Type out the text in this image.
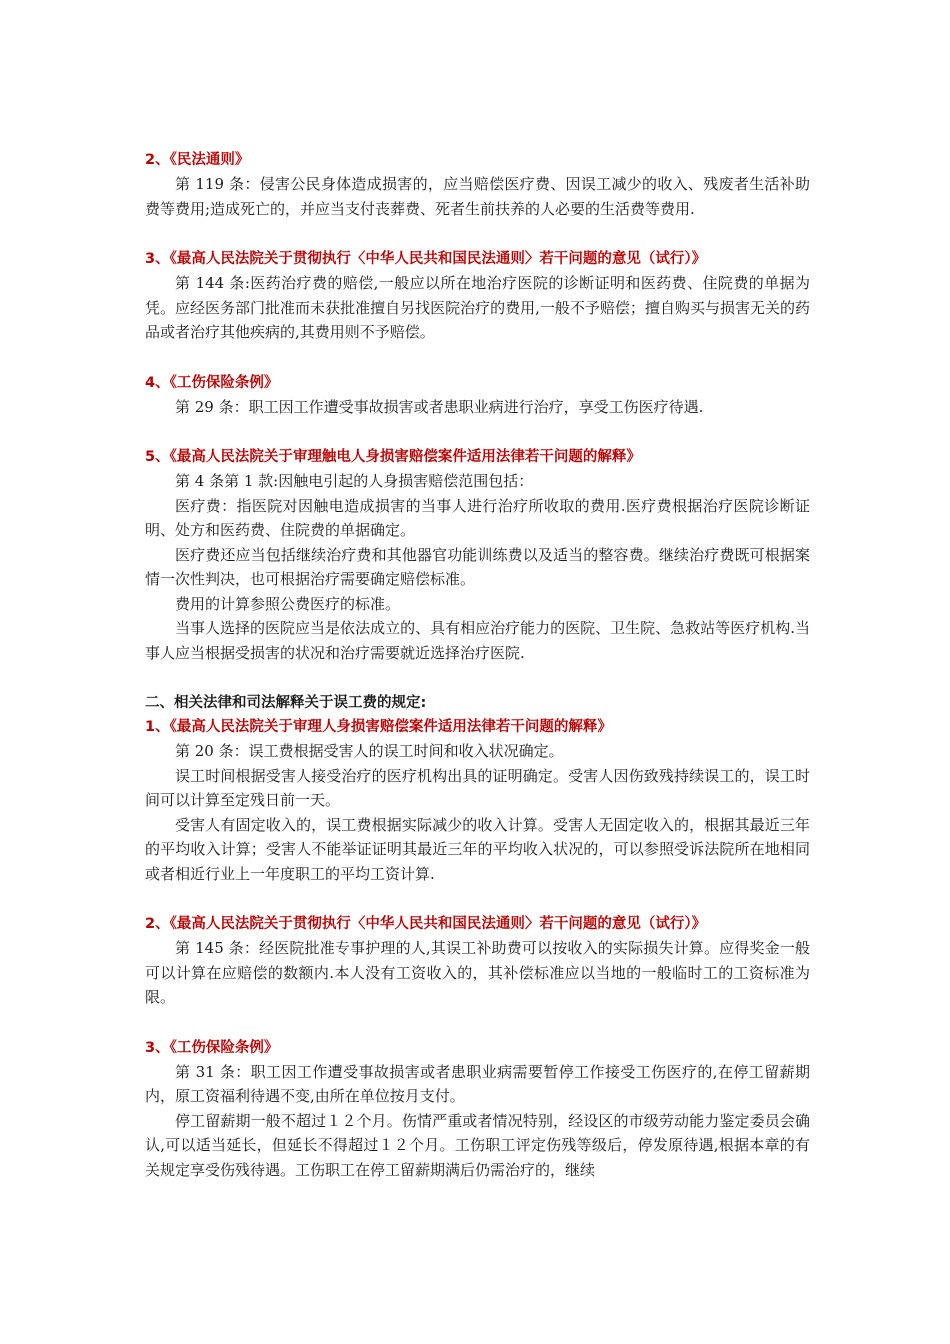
2、《民法通则》

第 119 条：侵害公民身体造成损害的，应当赔偿医疗费、因误工减少的收入、残废者生活补助费等费用;造成死亡的，并应当支付丧葬费、死者生前扶养的人必要的生活费等费用.

3、《最高人民法院关于贯彻执行〈中华人民共和国民法通则〉若干问题的意见（试行）》

第 144 条:医药治疗费的赔偿,一般应以所在地治疗医院的诊断证明和医药费、住院费的单据为凭。应经医务部门批准而未获批准擅自另找医院治疗的费用,一般不予赔偿；擅自购买与损害无关的药品或者治疗其他疾病的,其费用则不予赔偿。

4、《工伤保险条例》

第 29 条：职工因工作遭受事故损害或者患职业病进行治疗，享受工伤医疗待遇.

5、《最高人民法院关于审理触电人身损害赔偿案件适用法律若干问题的解释》

第 4 条第 1 款:因触电引起的人身损害赔偿范围包括：

医疗费：指医院对因触电造成损害的当事人进行治疗所收取的费用.医疗费根据治疗医院诊断证明、处方和医药费、住院费的单据确定。

医疗费还应当包括继续治疗费和其他器官功能训练费以及适当的整容费。继续治疗费既可根据案情一次性判决，也可根据治疗需要确定赔偿标准。

费用的计算参照公费医疗的标准。

当事人选择的医院应当是依法成立的、具有相应治疗能力的医院、卫生院、急救站等医疗机构.当事人应当根据受损害的状况和治疗需要就近选择治疗医院.

二、相关法律和司法解释关于误工费的规定:
1、《最高人民法院关于审理人身损害赔偿案件适用法律若干问题的解释》

第 20 条：误工费根据受害人的误工时间和收入状况确定。

误工时间根据受害人接受治疗的医疗机构出具的证明确定。受害人因伤致残持续误工的，误工时间可以计算至定残日前一天。

受害人有固定收入的，误工费根据实际减少的收入计算。受害人无固定收入的，根据其最近三年的平均收入计算；受害人不能举证证明其最近三年的平均收入状况的，可以参照受诉法院所在地相同或者相近行业上一年度职工的平均工资计算.

2、《最高人民法院关于贯彻执行〈中华人民共和国民法通则〉若干问题的意见（试行）》

第 145 条：经医院批准专事护理的人,其误工补助费可以按收入的实际损失计算。应得奖金一般可以计算在应赔偿的数额内.本人没有工资收入的，其补偿标准应以当地的一般临时工的工资标准为限。

3、《工伤保险条例》

第 31 条：职工因工作遭受事故损害或者患职业病需要暂停工作接受工伤医疗的,在停工留薪期内，原工资福利待遇不变,由所在单位按月支付。

停工留薪期一般不超过１２个月。伤情严重或者情况特别，经设区的市级劳动能力鉴定委员会确认,可以适当延长，但延长不得超过１２个月。工伤职工评定伤残等级后，停发原待遇,根据本章的有关规定享受伤残待遇。工伤职工在停工留薪期满后仍需治疗的，继续
